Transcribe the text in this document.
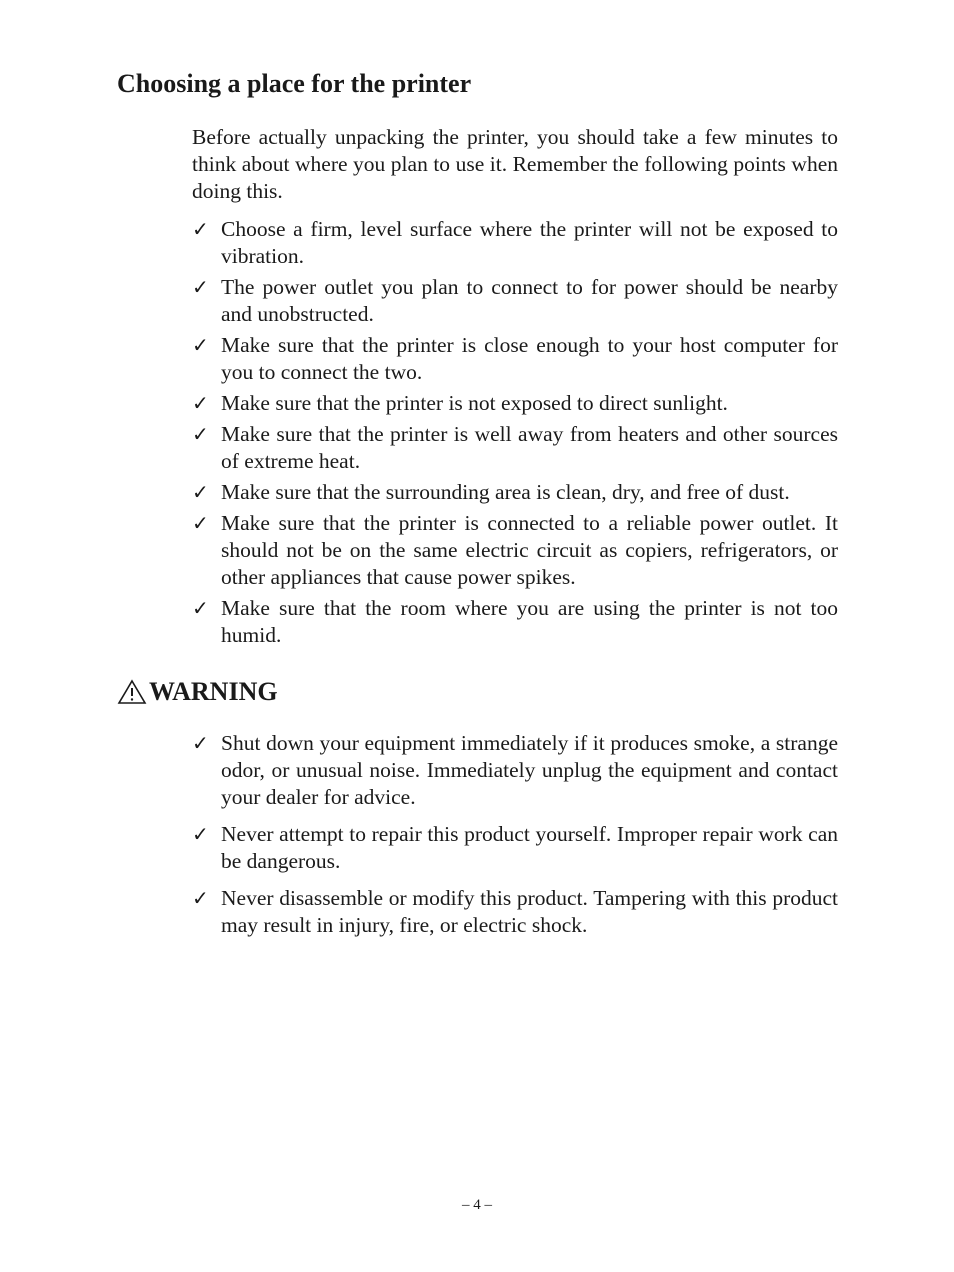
Choosing a place for the printer

Before actually unpacking the printer, you should take a few minutes to think about where you plan to use it. Remember the following points when doing this.

✓ Choose a firm, level surface where the printer will not be exposed to vibration.
✓ The power outlet you plan to connect to for power should be nearby and unobstructed.
✓ Make sure that the printer is close enough to your host computer for you to connect the two.
✓ Make sure that the printer is not exposed to direct sunlight.
✓ Make sure that the printer is well away from heaters and other sources of extreme heat.
✓ Make sure that the surrounding area is clean, dry, and free of dust.
✓ Make sure that the printer is connected to a reliable power outlet. It should not be on the same electric circuit as copiers, refrigerators, or other appliances that cause power spikes.
✓ Make sure that the room where you are using the printer is not too humid.
WARNING
✓ Shut down your equipment immediately if it produces smoke, a strange odor, or unusual noise. Immediately unplug the equipment and contact your dealer for advice.
✓ Never attempt to repair this product yourself. Improper repair work can be dangerous.
✓ Never disassemble or modify this product. Tampering with this product may result in injury, fire, or electric shock.
– 4 –
